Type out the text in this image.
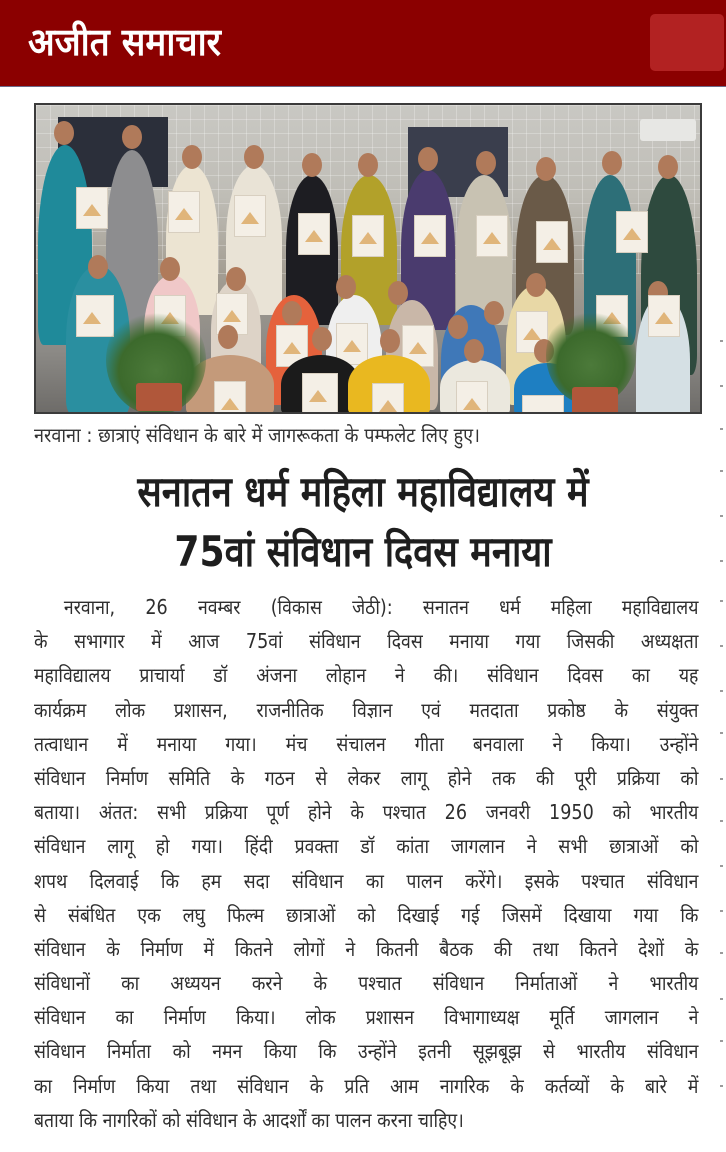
अजीत समाचार
नरवाना : छात्राएं संविधान के बारे में जागरूकता के पम्फलेट लिए हुए।
सनातन धर्म महिला महाविद्यालय में
75वां संविधान दिवस मनाया
नरवाना, 26 नवम्बर (विकास जेठी): सनातन धर्म महिला महाविद्यालय
के सभागार में आज 75वां संविधान दिवस मनाया गया जिसकी अध्यक्षता
महाविद्यालय प्राचार्या डॉ अंजना लोहान ने की। संविधान दिवस का यह
कार्यक्रम लोक प्रशासन, राजनीतिक विज्ञान एवं मतदाता प्रकोष्ठ के संयुक्त
तत्वाधान में मनाया गया। मंच संचालन गीता बनवाला ने किया। उन्होंने
संविधान निर्माण समिति के गठन से लेकर लागू होने तक की पूरी प्रक्रिया को
बताया। अंतत: सभी प्रक्रिया पूर्ण होने के पश्चात 26 जनवरी 1950 को भारतीय
संविधान लागू हो गया। हिंदी प्रवक्ता डॉ कांता जागलान ने सभी छात्राओं को
शपथ दिलवाई कि हम सदा संविधान का पालन करेंगे। इसके पश्चात संविधान
से संबंधित एक लघु फिल्म छात्राओं को दिखाई गई जिसमें दिखाया गया कि
संविधान के निर्माण में कितने लोगों ने कितनी बैठक की तथा कितने देशों के
संविधानों का अध्ययन करने के पश्चात संविधान निर्माताओं ने भारतीय
संविधान का निर्माण किया। लोक प्रशासन विभागाध्यक्ष मूर्ति जागलान ने
संविधान निर्माता को नमन किया कि उन्होंने इतनी सूझबूझ से भारतीय संविधान
का निर्माण किया तथा संविधान के प्रति आम नागरिक के कर्तव्यों के बारे में
बताया कि नागरिकों को संविधान के आदर्शों का पालन करना चाहिए।
